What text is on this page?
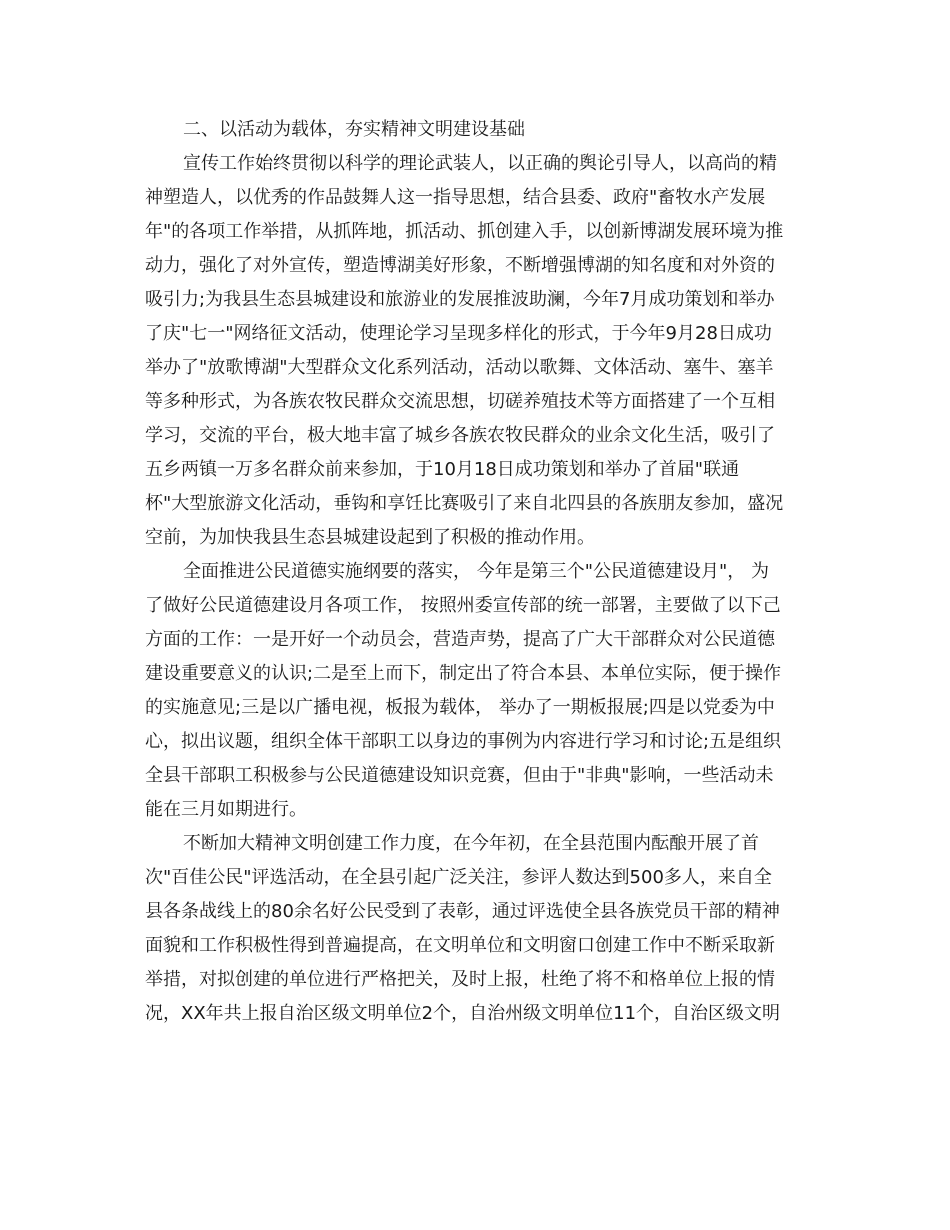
二、以活动为载体，夯实精神文明建设基础
宣传工作始终贯彻以科学的理论武装人，以正确的舆论引导人，以高尚的精
神塑造人，以优秀的作品鼓舞人这一指导思想，结合县委、政府"畜牧水产发展
年"的各项工作举措，从抓阵地，抓活动、抓创建入手，以创新博湖发展环境为推
动力，强化了对外宣传，塑造博湖美好形象，不断增强博湖的知名度和对外资的
吸引力;为我县生态县城建设和旅游业的发展推波助澜，今年7月成功策划和举办
了庆"七一"网络征文活动，使理论学习呈现多样化的形式，于今年9月28日成功
举办了"放歌博湖"大型群众文化系列活动，活动以歌舞、文体活动、塞牛、塞羊
等多种形式，为各族农牧民群众交流思想，切磋养殖技术等方面搭建了一个互相
学习，交流的平台，极大地丰富了城乡各族农牧民群众的业余文化生活，吸引了
五乡两镇一万多名群众前来参加，于10月18日成功策划和举办了首届"联通
杯"大型旅游文化活动，垂钩和享饪比赛吸引了来自北四县的各族朋友参加，盛况
空前，为加快我县生态县城建设起到了积极的推动作用。
全面推进公民道德实施纲要的落实， 今年是第三个"公民道德建设月"， 为
了做好公民道德建设月各项工作， 按照州委宣传部的统一部署，主要做了以下己
方面的工作：一是开好一个动员会，营造声势，提高了广大干部群众对公民道德
建设重要意义的认识;二是至上而下，制定出了符合本县、本单位实际，便于操作
的实施意见;三是以广播电视，板报为载体， 举办了一期板报展;四是以党委为中
心，拟出议题，组织全体干部职工以身边的事例为内容进行学习和讨论;五是组织
全县干部职工积极参与公民道德建设知识竞赛，但由于"非典"影响，一些活动未
能在三月如期进行。
不断加大精神文明创建工作力度，在今年初，在全县范围内酝酿开展了首
次"百佳公民"评选活动，在全县引起广泛关注，参评人数达到500多人，来自全
县各条战线上的80余名好公民受到了表彰，通过评选使全县各族党员干部的精神
面貌和工作积极性得到普遍提高，在文明单位和文明窗口创建工作中不断采取新
举措，对拟创建的单位进行严格把关，及时上报，杜绝了将不和格单位上报的情
况，XX年共上报自治区级文明单位2个，自治州级文明单位11个，自治区级文明
